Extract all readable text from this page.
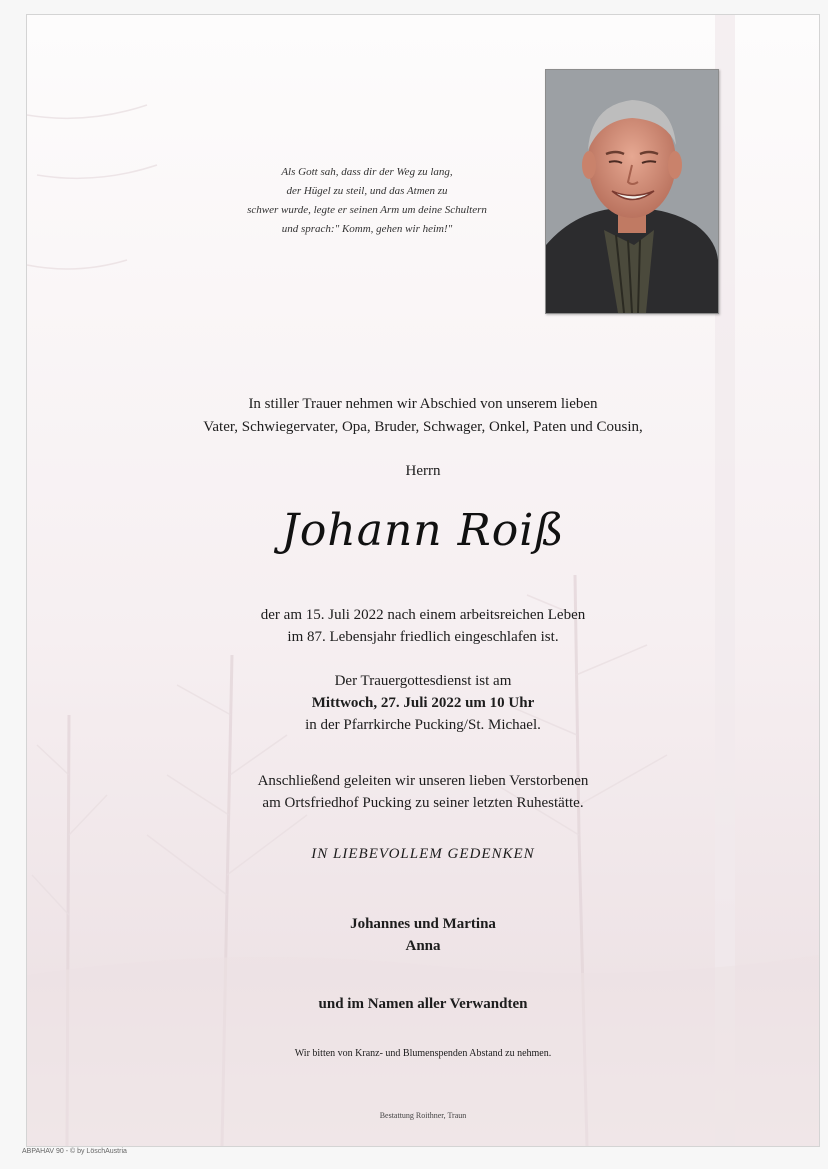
Als Gott sah, dass dir der Weg zu lang,
der Hügel zu steil, und das Atmen zu
schwer wurde, legte er seinen Arm um deine Schultern
und sprach:" Komm, gehen wir heim!"
In stiller Trauer nehmen wir Abschied von unserem lieben
Vater, Schwiegervater, Opa, Bruder, Schwager, Onkel, Paten und Cousin,
Herrn
Johann Roiß
der am 15. Juli 2022 nach einem arbeitsreichen Leben
im 87. Lebensjahr friedlich eingeschlafen ist.
Der Trauergottesdienst ist am
Mittwoch, 27. Juli 2022 um 10 Uhr
in der Pfarrkirche Pucking/St. Michael.
Anschließend geleiten wir unseren lieben Verstorbenen
am Ortsfriedhof Pucking zu seiner letzten Ruhestätte.
IN LIEBEVOLLEM GEDENKEN
Johannes und Martina
Anna
und im Namen aller Verwandten
Wir bitten von Kranz- und Blumenspenden Abstand zu nehmen.
Bestattung Roithner, Traun
ABPAHAV 90 - © by LöschAustria
